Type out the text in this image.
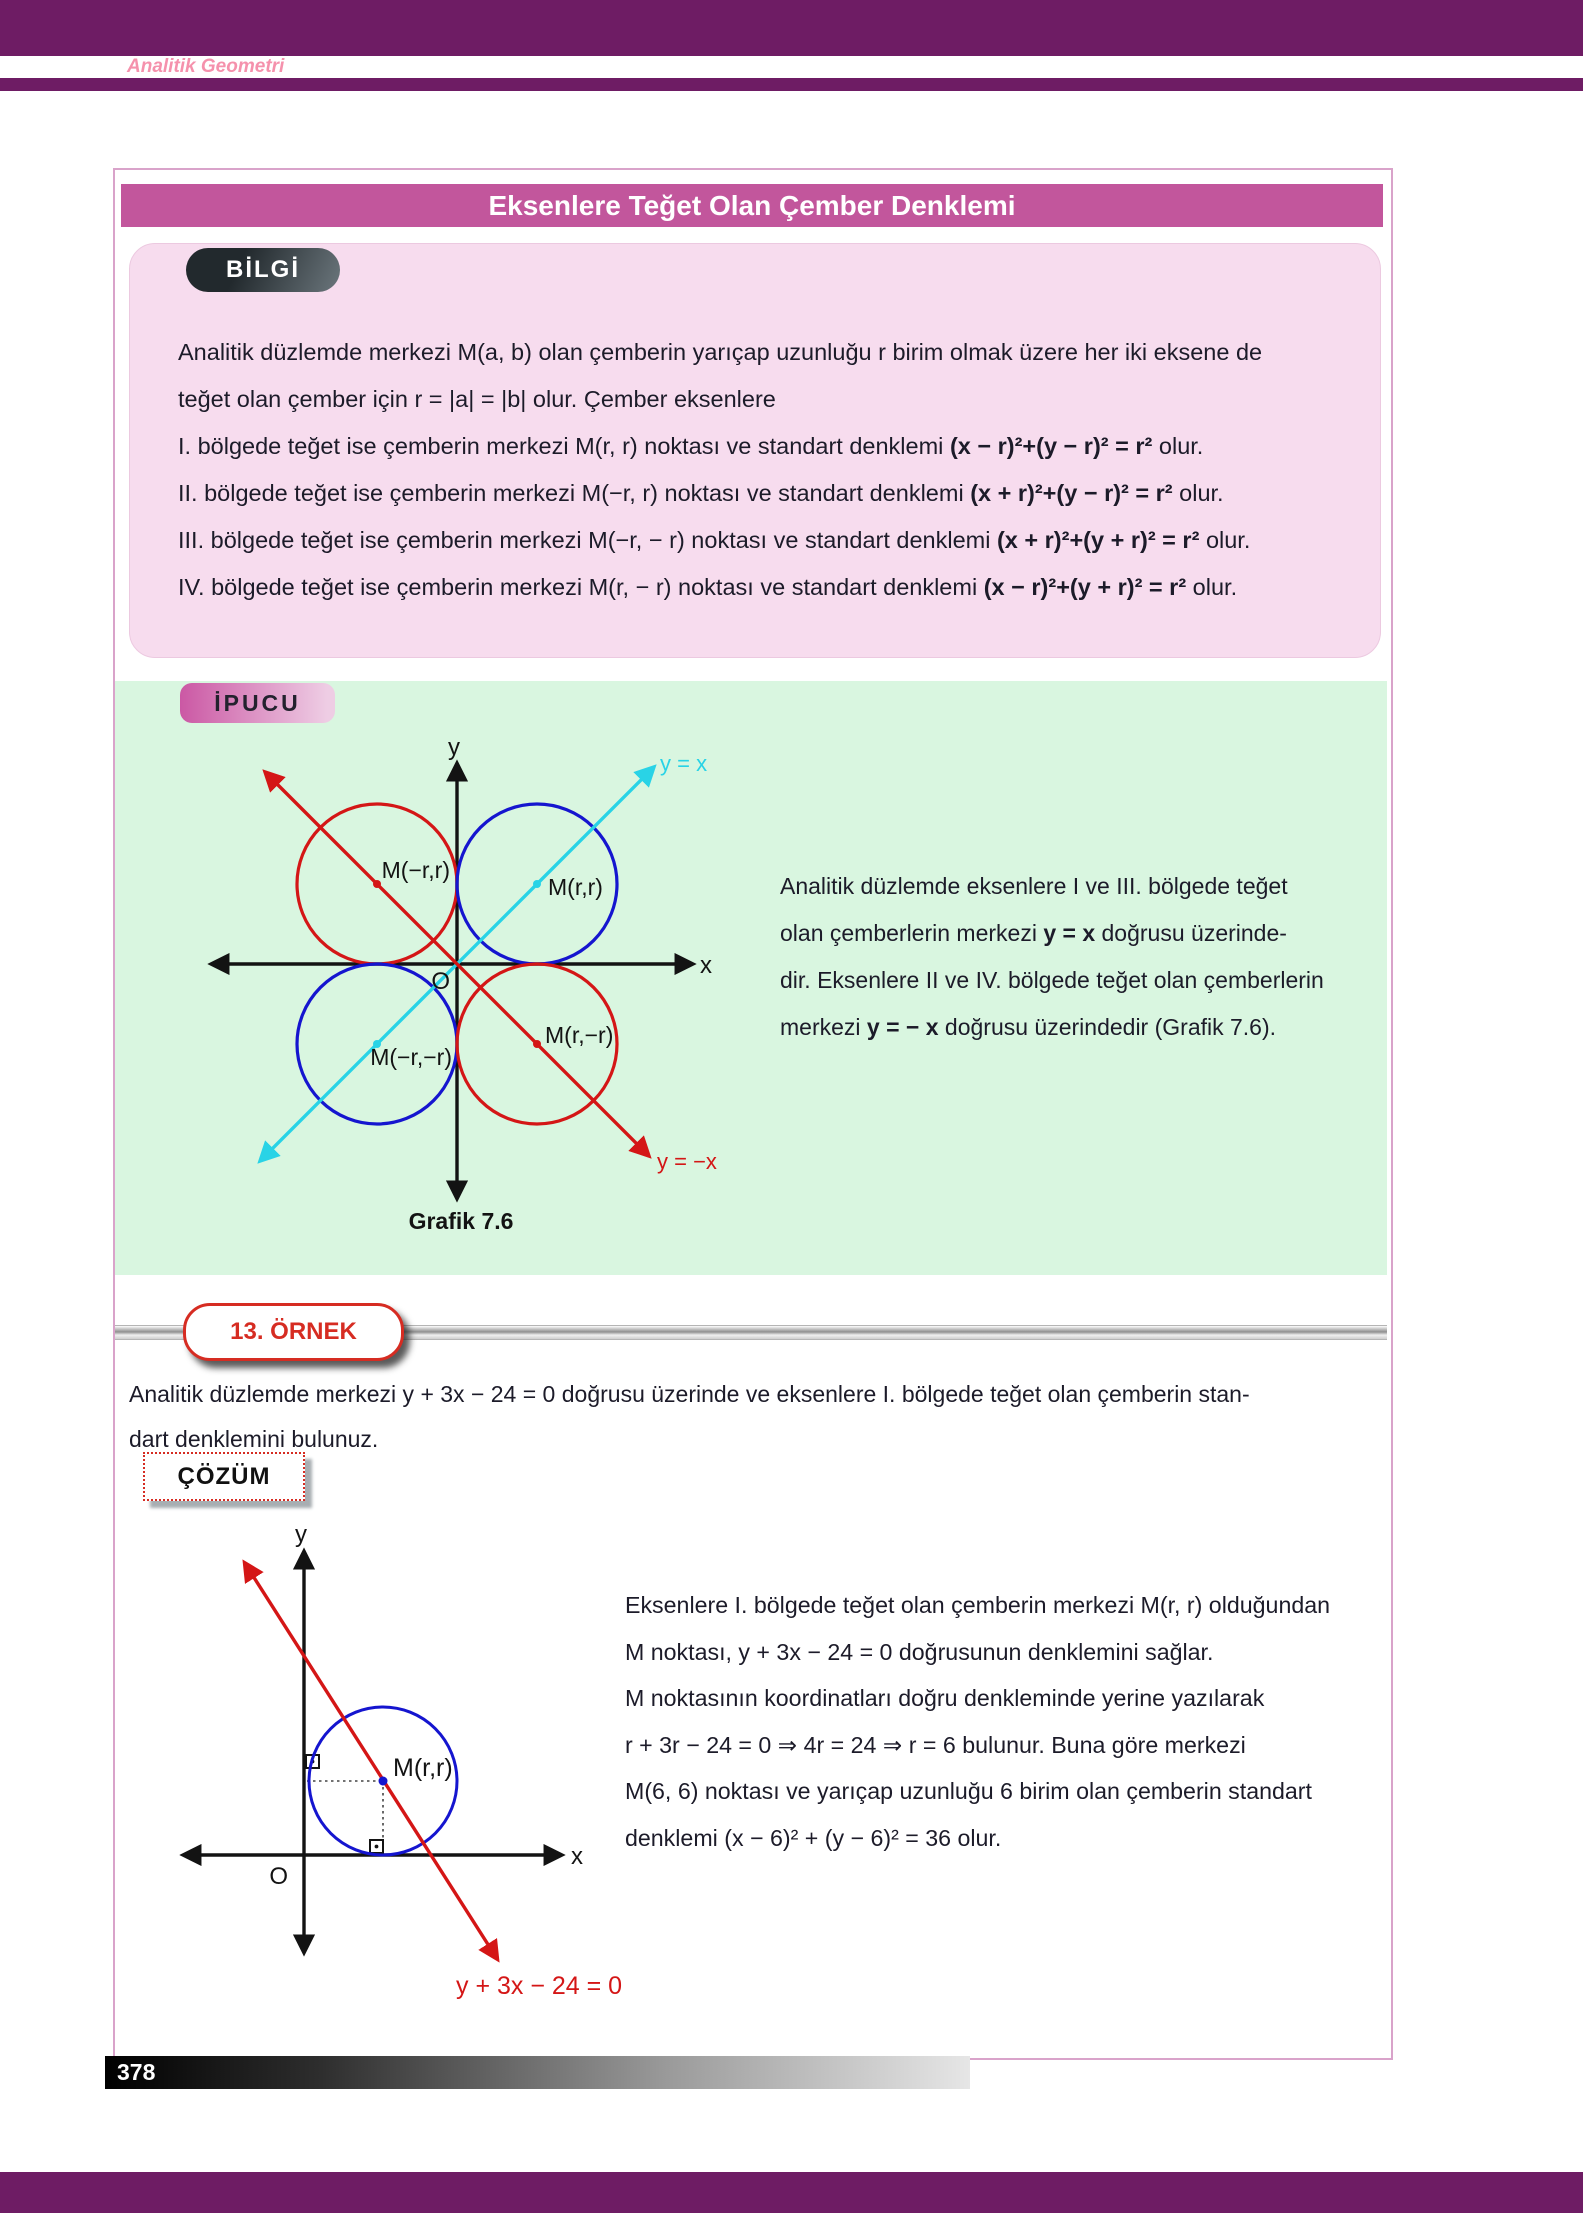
Analitik Geometri
Eksenlere Teğet Olan Çember Denklemi
BİLGİ
Analitik düzlemde merkezi M(a, b) olan çemberin yarıçap uzunluğu r birim olmak üzere her iki eksene de
teğet olan çember için r = |a| = |b| olur. Çember eksenlere
I. bölgede teğet ise çemberin merkezi M(r, r) noktası ve standart denklemi (x − r)²+(y − r)² = r² olur.
II. bölgede teğet ise çemberin merkezi M(−r, r) noktası ve standart denklemi (x + r)²+(y − r)² = r² olur.
III. bölgede teğet ise çemberin merkezi M(−r, − r) noktası ve standart denklemi (x + r)²+(y + r)² = r² olur.
IV. bölgede teğet ise çemberin merkezi M(r, − r) noktası ve standart denklemi (x − r)²+(y + r)² = r² olur.
İPUCU
y
x
O
M(−r,r)
M(r,r)
M(−r,−r)
M(r,−r)
y = x
y = −x
Grafik 7.6
Analitik düzlemde eksenlere I ve III. bölgede teğet
olan çemberlerin merkezi y = x doğrusu üzerinde-
dir. Eksenlere II ve IV. bölgede teğet olan çemberlerin
merkezi y = − x doğrusu üzerindedir (Grafik 7.6).
13. ÖRNEK
Analitik düzlemde merkezi y + 3x − 24 = 0 doğrusu üzerinde ve eksenlere I. bölgede teğet olan çemberin stan-
dart denklemini bulunuz.
ÇÖZÜM
y
x
O
M(r,r)
y + 3x − 24 = 0
Eksenlere I. bölgede teğet olan çemberin merkezi M(r, r) olduğundan
M noktası, y + 3x − 24 = 0 doğrusunun denklemini sağlar.
M noktasının koordinatları doğru denkleminde yerine yazılarak
r + 3r − 24 = 0 ⇒ 4r = 24 ⇒ r = 6 bulunur. Buna göre merkezi
M(6, 6) noktası ve yarıçap uzunluğu 6 birim olan çemberin standart
denklemi (x − 6)² + (y − 6)² = 36 olur.
378
